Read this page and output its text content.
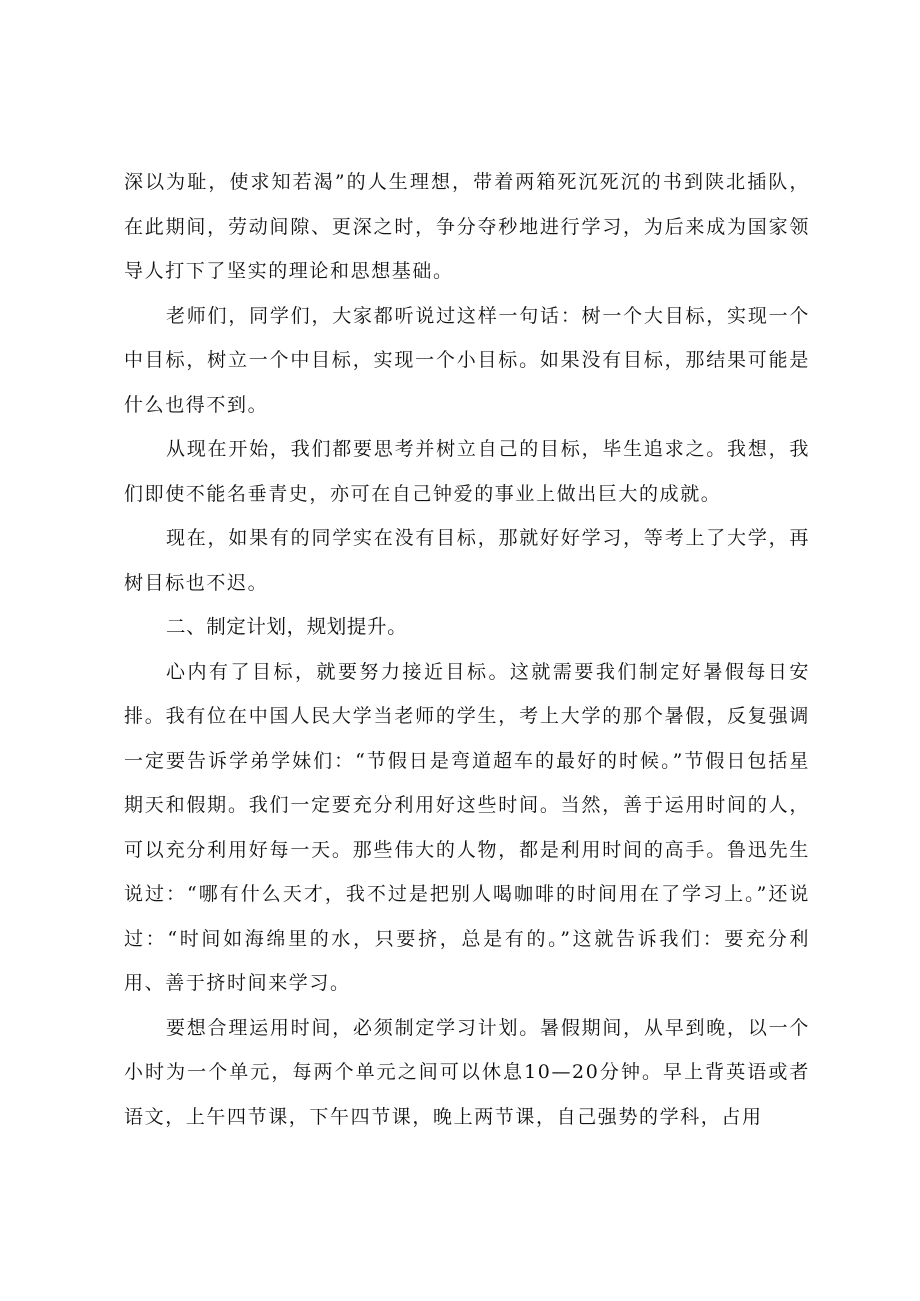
深以为耻，使求知若渴”的人生理想，带着两箱死沉死沉的书到陕北插队，在此期间，劳动间隙、更深之时，争分夺秒地进行学习，为后来成为国家领导人打下了坚实的理论和思想基础。

老师们，同学们，大家都听说过这样一句话：树一个大目标，实现一个中目标，树立一个中目标，实现一个小目标。如果没有目标，那结果可能是什么也得不到。

从现在开始，我们都要思考并树立自己的目标，毕生追求之。我想，我们即使不能名垂青史，亦可在自己钟爱的事业上做出巨大的成就。

现在，如果有的同学实在没有目标，那就好好学习，等考上了大学，再树目标也不迟。

二、制定计划，规划提升。

心内有了目标，就要努力接近目标。这就需要我们制定好暑假每日安排。我有位在中国人民大学当老师的学生，考上大学的那个暑假，反复强调一定要告诉学弟学妹们：“节假日是弯道超车的最好的时候。”节假日包括星期天和假期。我们一定要充分利用好这些时间。当然，善于运用时间的人，可以充分利用好每一天。那些伟大的人物，都是利用时间的高手。鲁迅先生说过：“哪有什么天才，我不过是把别人喝咖啡的时间用在了学习上。”还说过：“时间如海绵里的水，只要挤，总是有的。”这就告诉我们：要充分利用、善于挤时间来学习。

要想合理运用时间，必须制定学习计划。暑假期间，从早到晚，以一个小时为一个单元，每两个单元之间可以休息10—20分钟。早上背英语或者语文，上午四节课，下午四节课，晚上两节课，自己强势的学科，占用
